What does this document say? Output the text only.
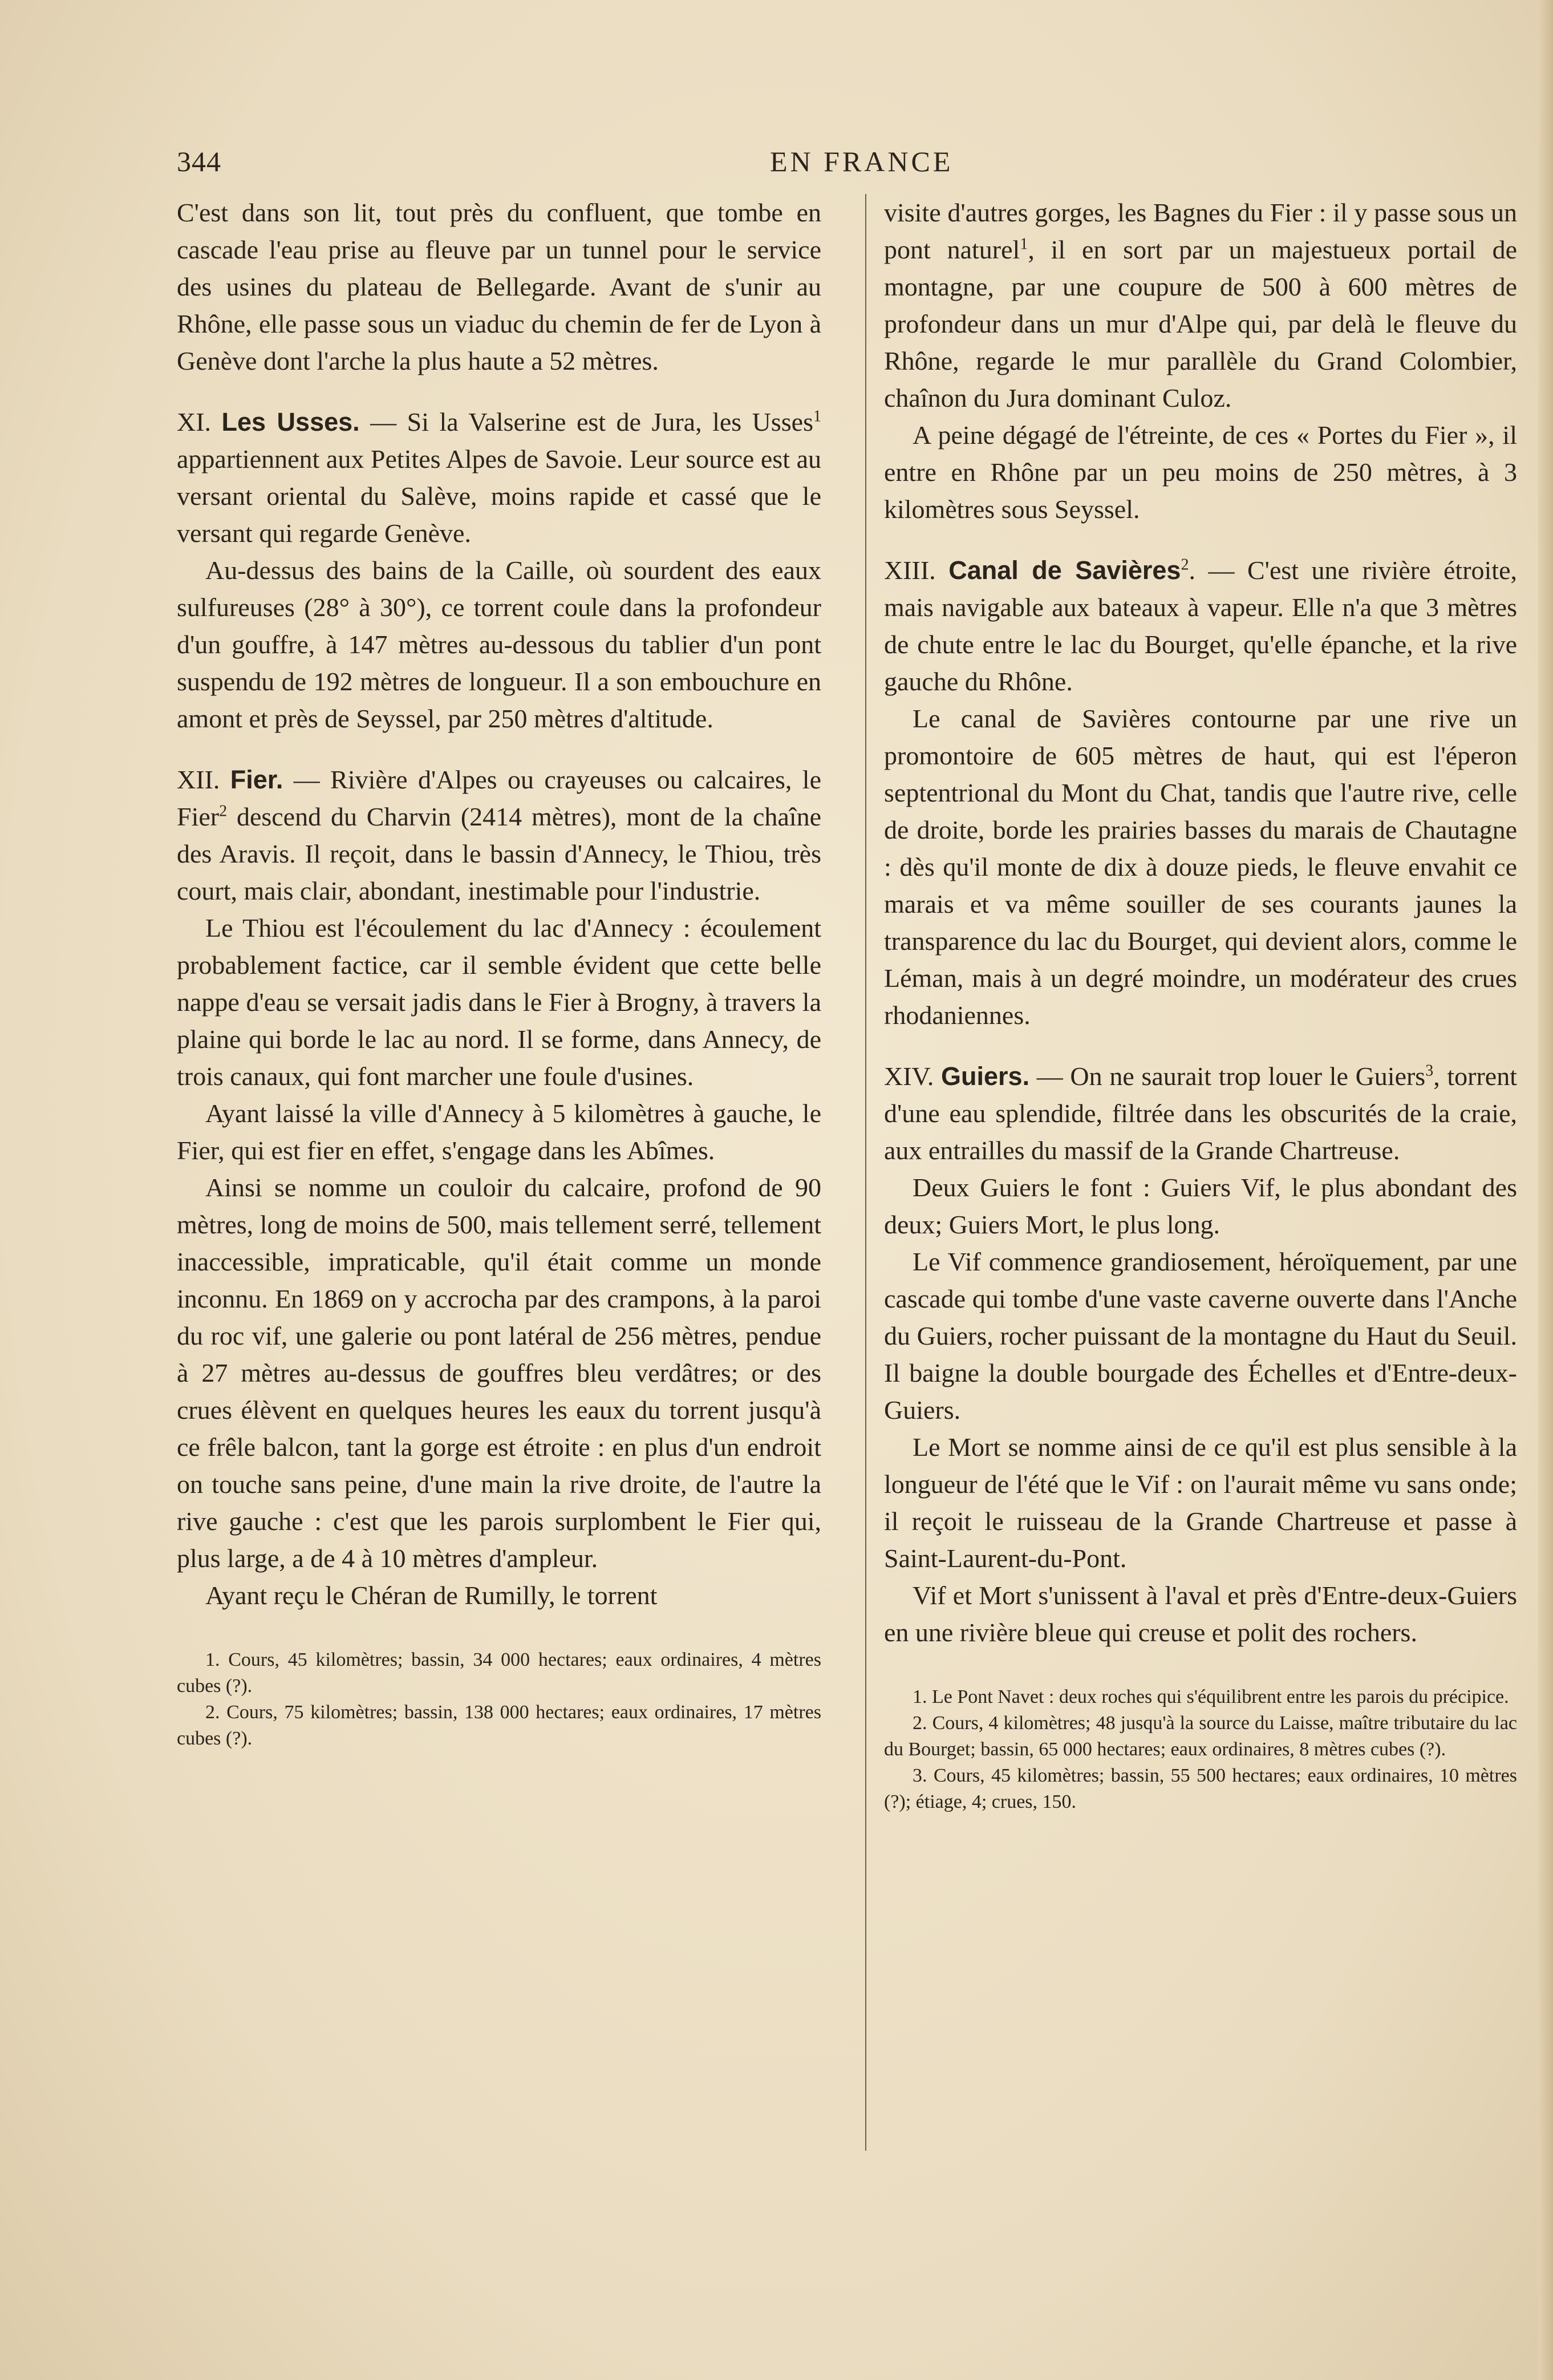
344	EN FRANCE

C'est dans son lit, tout près du confluent, que tombe en cascade l'eau prise au fleuve par un tunnel pour le service des usines du plateau de Bellegarde. Avant de s'unir au Rhône, elle passe sous un viaduc du chemin de fer de Lyon à Genève dont l'arche la plus haute a 52 mètres.

XI. Les Usses. — Si la Valserine est de Jura, les Usses$^1$ appartiennent aux Petites Alpes de Savoie. Leur source est au versant oriental du Salève, moins rapide et cassé que le versant qui regarde Genève.

Au-dessus des bains de la Caille, où sourdent des eaux sulfureuses (28° à 30°), ce torrent coule dans la profondeur d'un gouffre, à 147 mètres au-dessous du tablier d'un pont suspendu de 192 mètres de longueur. Il a son embouchure en amont et près de Seyssel, par 250 mètres d'altitude.

XII. Fier. — Rivière d'Alpes ou crayeuses ou calcaires, le Fier$^2$ descend du Charvin (2414 mètres), mont de la chaîne des Aravis. Il reçoit, dans le bassin d'Annecy, le Thiou, très court, mais clair, abondant, inestimable pour l'industrie.

Le Thiou est l'écoulement du lac d'Annecy : écoulement probablement factice, car il semble évident que cette belle nappe d'eau se versait jadis dans le Fier à Brogny, à travers la plaine qui borde le lac au nord. Il se forme, dans Annecy, de trois canaux, qui font marcher une foule d'usines.

Ayant laissé la ville d'Annecy à 5 kilomètres à gauche, le Fier, qui est fier en effet, s'engage dans les Abîmes.

Ainsi se nomme un couloir du calcaire, profond de 90 mètres, long de moins de 500, mais tellement serré, tellement inaccessible, impraticable, qu'il était comme un monde inconnu. En 1869 on y accrocha par des crampons, à la paroi du roc vif, une galerie ou pont latéral de 256 mètres, pendue à 27 mètres au-dessus de gouffres bleu verdâtres; or des crues élèvent en quelques heures les eaux du torrent jusqu'à ce frêle balcon, tant la gorge est étroite : en plus d'un endroit on touche sans peine, d'une main la rive droite, de l'autre la rive gauche : c'est que les parois surplombent le Fier qui, plus large, a de 4 à 10 mètres d'ampleur.

Ayant reçu le Chéran de Rumilly, le torrent

1. Cours, 45 kilomètres; bassin, 34 000 hectares; eaux ordinaires, 4 mètres cubes (?).

2. Cours, 75 kilomètres; bassin, 138 000 hectares; eaux ordinaires, 17 mètres cubes (?).

visite d'autres gorges, les Bagnes du Fier : il y passe sous un pont naturel$^1$, il en sort par un majestueux portail de montagne, par une coupure de 500 à 600 mètres de profondeur dans un mur d'Alpe qui, par delà le fleuve du Rhône, regarde le mur parallèle du Grand Colombier, chaînon du Jura dominant Culoz.

A peine dégagé de l'étreinte, de ces « Portes du Fier », il entre en Rhône par un peu moins de 250 mètres, à 3 kilomètres sous Seyssel.

XIII. Canal de Savières$^2$. — C'est une rivière étroite, mais navigable aux bateaux à vapeur. Elle n'a que 3 mètres de chute entre le lac du Bourget, qu'elle épanche, et la rive gauche du Rhône.

Le canal de Savières contourne par une rive un promontoire de 605 mètres de haut, qui est l'éperon septentrional du Mont du Chat, tandis que l'autre rive, celle de droite, borde les prairies basses du marais de Chautagne : dès qu'il monte de dix à douze pieds, le fleuve envahit ce marais et va même souiller de ses courants jaunes la transparence du lac du Bourget, qui devient alors, comme le Léman, mais à un degré moindre, un modérateur des crues rhodaniennes.

XIV. Guiers. — On ne saurait trop louer le Guiers$^3$, torrent d'une eau splendide, filtrée dans les obscurités de la craie, aux entrailles du massif de la Grande Chartreuse.

Deux Guiers le font : Guiers Vif, le plus abondant des deux; Guiers Mort, le plus long.

Le Vif commence grandiosement, héroïquement, par une cascade qui tombe d'une vaste caverne ouverte dans l'Anche du Guiers, rocher puissant de la montagne du Haut du Seuil. Il baigne la double bourgade des Échelles et d'Entre-deux-Guiers.

Le Mort se nomme ainsi de ce qu'il est plus sensible à la longueur de l'été que le Vif : on l'aurait même vu sans onde; il reçoit le ruisseau de la Grande Chartreuse et passe à Saint-Laurent-du-Pont.

Vif et Mort s'unissent à l'aval et près d'Entre-deux-Guiers en une rivière bleue qui creuse et polit des rochers.

1. Le Pont Navet : deux roches qui s'équilibrent entre les parois du précipice.

2. Cours, 4 kilomètres; 48 jusqu'à la source du Laisse, maître tributaire du lac du Bourget; bassin, 65 000 hectares; eaux ordinaires, 8 mètres cubes (?).

3. Cours, 45 kilomètres; bassin, 55 500 hectares; eaux ordinaires, 10 mètres (?); étiage, 4; crues, 150.
